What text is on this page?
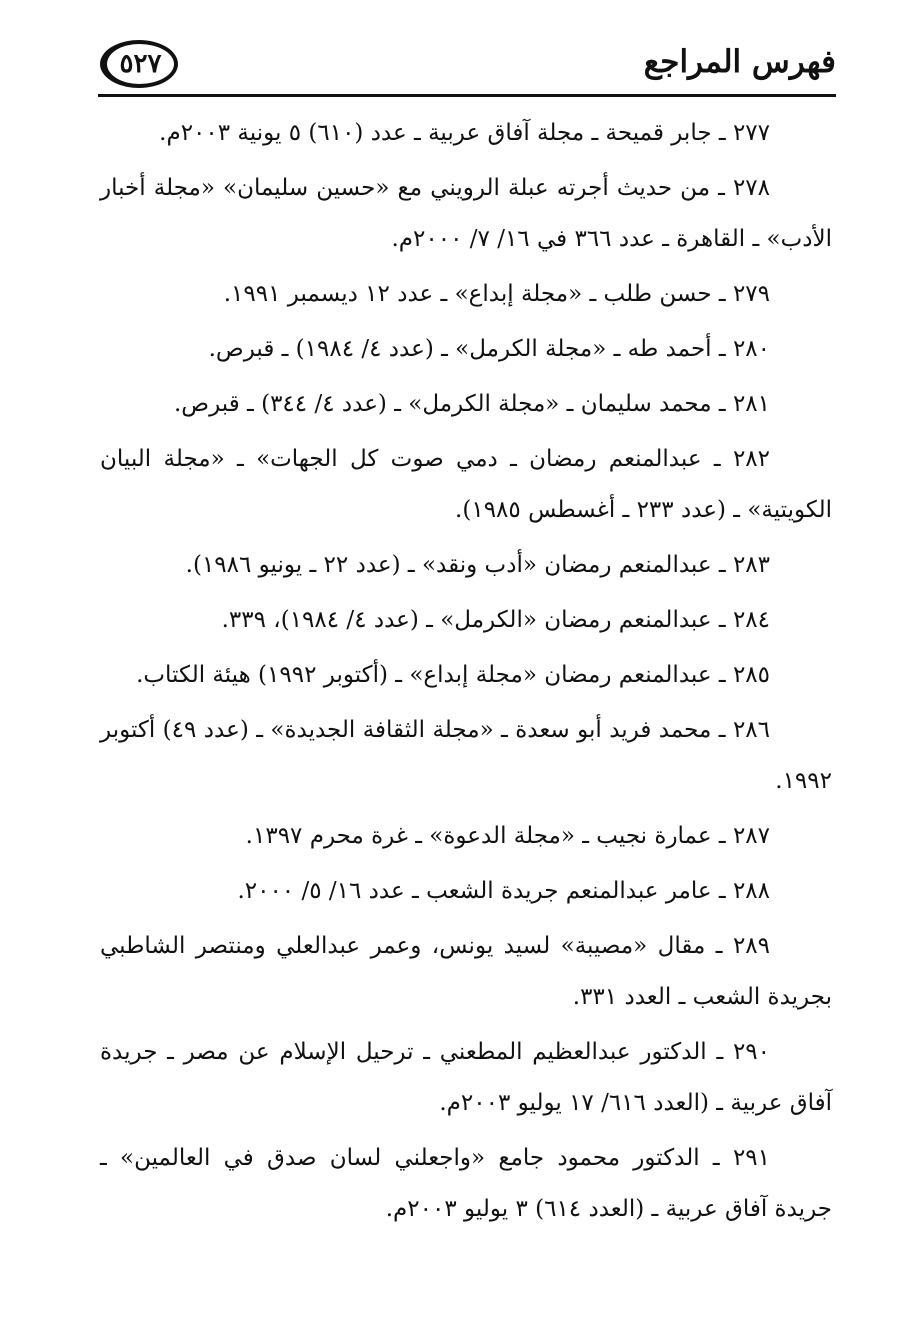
فهرس المراجع
٥٢٧

٢٧٧ ـ جابر قميحة ـ مجلة آفاق عربية ـ عدد (٦١٠) ٥ يونية ٢٠٠٣م.

٢٧٨ ـ من حديث أجرته عبلة الرويني مع «حسين سليمان» «مجلة أخبار الأدب» ـ القاهرة ـ عدد ٣٦٦ في ١٦/ ٧/ ٢٠٠٠م.

٢٧٩ ـ حسن طلب ـ «مجلة إبداع» ـ عدد ١٢ ديسمبر ١٩٩١.

٢٨٠ ـ أحمد طه ـ «مجلة الكرمل» ـ (عدد ٤/ ١٩٨٤) ـ قبرص.

٢٨١ ـ محمد سليمان ـ «مجلة الكرمل» ـ (عدد ٤/ ٣٤٤) ـ قبرص.

٢٨٢ ـ عبدالمنعم رمضان ـ دمي صوت كل الجهات» ـ «مجلة البيان الكويتية» ـ (عدد ٢٣٣ ـ أغسطس ١٩٨٥).

٢٨٣ ـ عبدالمنعم رمضان «أدب ونقد» ـ (عدد ٢٢ ـ يونيو ١٩٨٦).

٢٨٤ ـ عبدالمنعم رمضان «الكرمل» ـ (عدد ٤/ ١٩٨٤)، ٣٣٩.

٢٨٥ ـ عبدالمنعم رمضان «مجلة إبداع» ـ (أكتوبر ١٩٩٢) هيئة الكتاب.

٢٨٦ ـ محمد فريد أبو سعدة ـ «مجلة الثقافة الجديدة» ـ (عدد ٤٩) أكتوبر ١٩٩٢.

٢٨٧ ـ عمارة نجيب ـ «مجلة الدعوة» ـ غرة محرم ١٣٩٧.

٢٨٨ ـ عامر عبدالمنعم جريدة الشعب ـ عدد ١٦/ ٥/ ٢٠٠٠.

٢٨٩ ـ مقال «مصيبة» لسيد يونس، وعمر عبدالعلي ومنتصر الشاطبي بجريدة الشعب ـ العدد ٣٣١.

٢٩٠ ـ الدكتور عبدالعظيم المطعني ـ ترحيل الإسلام عن مصر ـ جريدة آفاق عربية ـ (العدد ٦١٦/ ١٧ يوليو ٢٠٠٣م.

٢٩١ ـ الدكتور محمود جامع «واجعلني لسان صدق في العالمين» ـ جريدة آفاق عربية ـ (العدد ٦١٤) ٣ يوليو ٢٠٠٣م.
